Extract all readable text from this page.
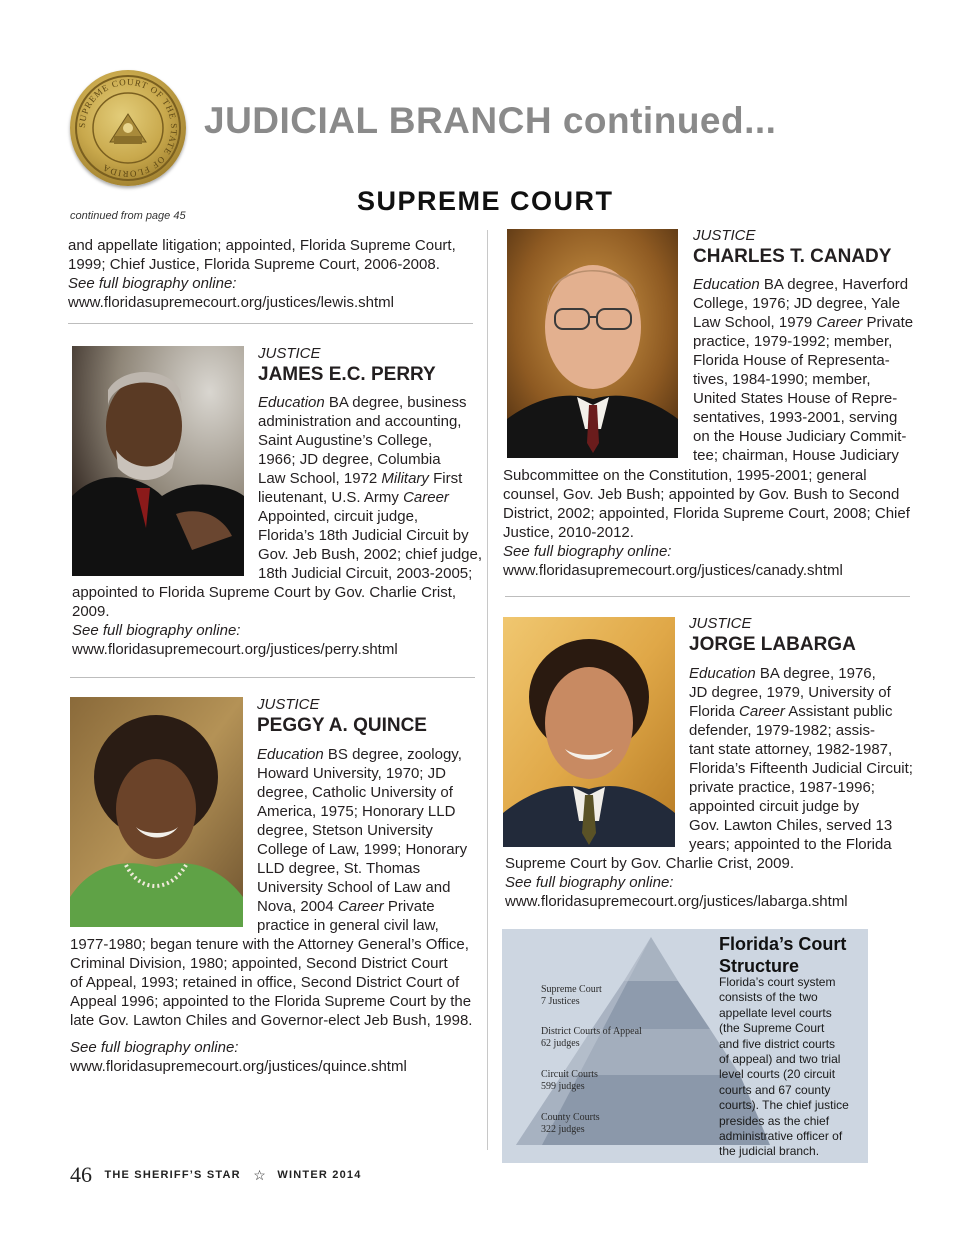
SUPREME COURT OF THE STATE OF FLORIDA
JUDICIAL BRANCH continued...
SUPREME COURT
continued from page 45
and appellate litigation; appointed, Florida Supreme Court,
1999; Chief Justice, Florida Supreme Court, 2006-2008.
See full biography online:
www.floridasupremecourt.org/justices/lewis.shtml
JUSTICE
JAMES E.C. PERRY
Education BA degree, business
administration and accounting,
Saint Augustine’s College,
1966; JD degree, Columbia
Law School, 1972 Military First
lieutenant, U.S. Army Career
Appointed, circuit judge,
Florida’s 18th Judicial Circuit by
Gov. Jeb Bush, 2002; chief judge,
18th Judicial Circuit, 2003-2005;
appointed to Florida Supreme Court by Gov. Charlie Crist,
2009.
See full biography online:
www.floridasupremecourt.org/justices/perry.shtml
JUSTICE
PEGGY A. QUINCE
Education BS degree, zoology,
Howard University, 1970; JD
degree, Catholic University of
America, 1975; Honorary LLD
degree, Stetson University
College of Law, 1999; Honorary
LLD degree, St. Thomas
University School of Law and
Nova, 2004 Career Private
practice in general civil law,
1977-1980; began tenure with the Attorney General’s Office,
Criminal Division, 1980; appointed, Second District Court
of Appeal, 1993; retained in office, Second District Court of
Appeal 1996; appointed to the Florida Supreme Court by the
late Gov. Lawton Chiles and Governor-elect Jeb Bush, 1998.
See full biography online:
www.floridasupremecourt.org/justices/quince.shtml
JUSTICE
CHARLES T. CANADY
Education BA degree, Haverford
College, 1976; JD degree, Yale
Law School, 1979 Career Private
practice, 1979-1992; member,
Florida House of Representa-
tives, 1984-1990; member,
United States House of Repre-
sentatives, 1993-2001, serving
on the House Judiciary Commit-
tee; chairman, House Judiciary
Subcommittee on the Constitution, 1995-2001; general
counsel, Gov. Jeb Bush; appointed by Gov. Bush to Second
District, 2002; appointed, Florida Supreme Court, 2008; Chief
Justice, 2010-2012.
See full biography online:
www.floridasupremecourt.org/justices/canady.shtml
JUSTICE
JORGE LABARGA
Education BA degree, 1976,
JD degree, 1979, University of
Florida Career Assistant public
defender, 1979-1982; assis-
tant state attorney, 1982-1987,
Florida’s Fifteenth Judicial Circuit;
private practice, 1987-1996;
appointed circuit judge by
Gov. Lawton Chiles, served 13
years; appointed to the Florida
Supreme Court by Gov. Charlie Crist, 2009.
See full biography online:
www.floridasupremecourt.org/justices/labarga.shtml
Supreme Court
7 Justices
District Courts of Appeal
62 judges
Circuit Courts
599 judges
County Courts
322 judges
Florida’s Court
Structure
Florida’s court system
consists of the two
appellate level courts
(the Supreme Court
and five district courts
of appeal) and two trial
level courts (20 circuit
courts and 67 county
courts). The chief justice
presides as the chief
administrative officer of
the judicial branch.
46 THE SHERIFF’S STAR ☆ WINTER 2014
